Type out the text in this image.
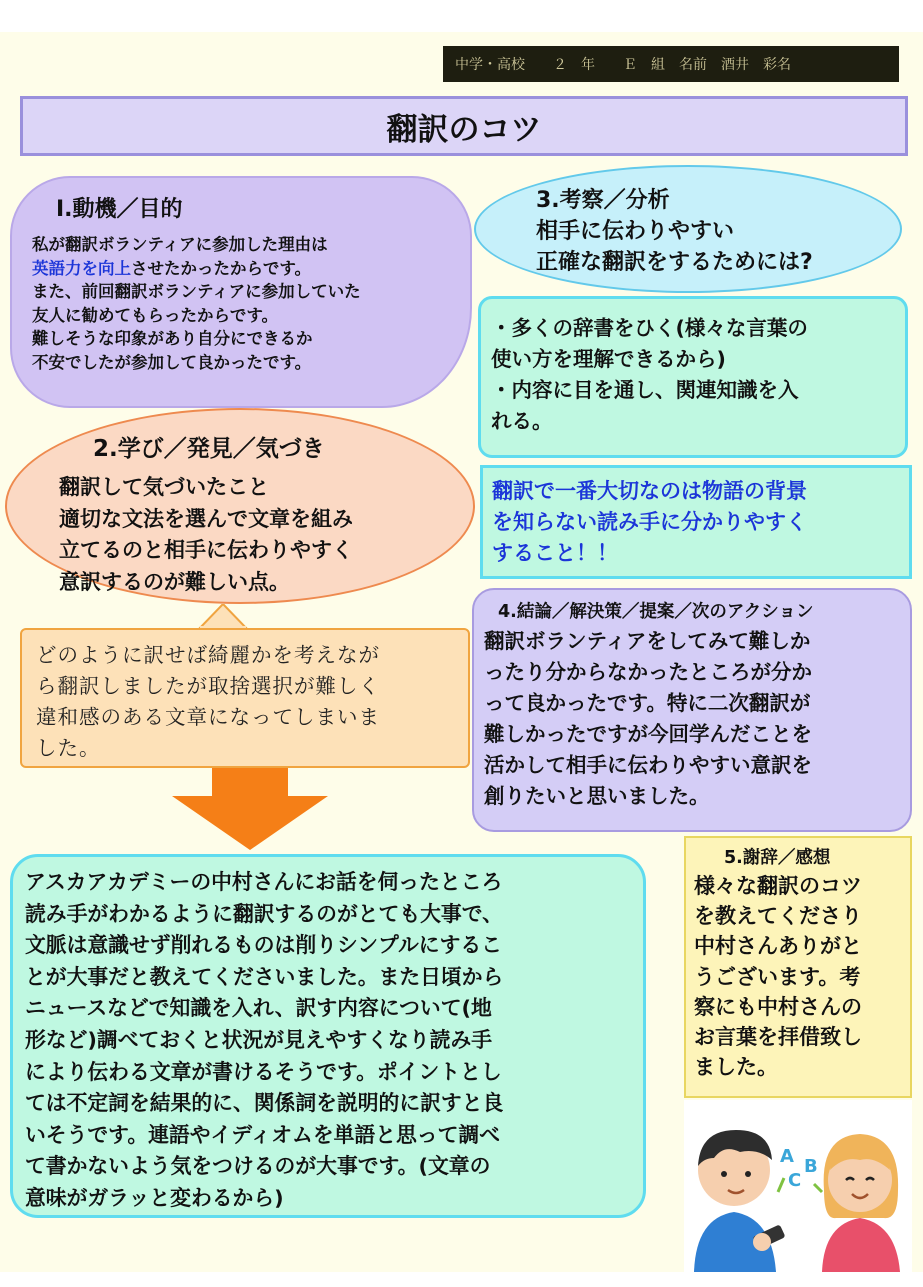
中学・高校　　２　年　　Ｅ　組　名前　酒井　彩名
翻訳のコツ
Ⅰ.動機／目的
私が翻訳ボランティアに参加した理由は
英語力を向上させたかったからです。
また、前回翻訳ボランティアに参加していた
友人に勧めてもらったからです。
難しそうな印象があり自分にできるか
不安でしたが参加して良かったです。
3.考察／分析
相手に伝わりやすい
正確な翻訳をするためには?
・多くの辞書をひく(様々な言葉の
使い方を理解できるから)
・内容に目を通し、関連知識を入
れる。
2.学び／発見／気づき
翻訳して気づいたこと
適切な文法を選んで文章を組み
立てるのと相手に伝わりやすく
意訳するのが難しい点。
翻訳で一番大切なのは物語の背景
を知らない読み手に分かりやすく
すること！！
どのように訳せば綺麗かを考えなが
ら翻訳しましたが取捨選択が難しく
違和感のある文章になってしまいま
した。
4.結論／解決策／提案／次のアクション
翻訳ボランティアをしてみて難しか
ったり分からなかったところが分か
って良かったです。特に二次翻訳が
難しかったですが今回学んだことを
活かして相手に伝わりやすい意訳を
創りたいと思いました。
アスカアカデミーの中村さんにお話を伺ったところ
読み手がわかるように翻訳するのがとても大事で、
文脈は意識せず削れるものは削りシンプルにするこ
とが大事だと教えてくださいました。また日頃から
ニュースなどで知識を入れ、訳す内容について(地
形など)調べておくと状況が見えやすくなり読み手
により伝わる文章が書けるそうです。ポイントとし
ては不定詞を結果的に、関係詞を説明的に訳すと良
いそうです。連語やイディオムを単語と思って調べ
て書かないよう気をつけるのが大事です。(文章の
意味がガラッと変わるから)
5.謝辞／感想
様々な翻訳のコツ
を教えてくださり
中村さんありがと
うございます。考
察にも中村さんの
お言葉を拝借致し
ました。
A B
C
